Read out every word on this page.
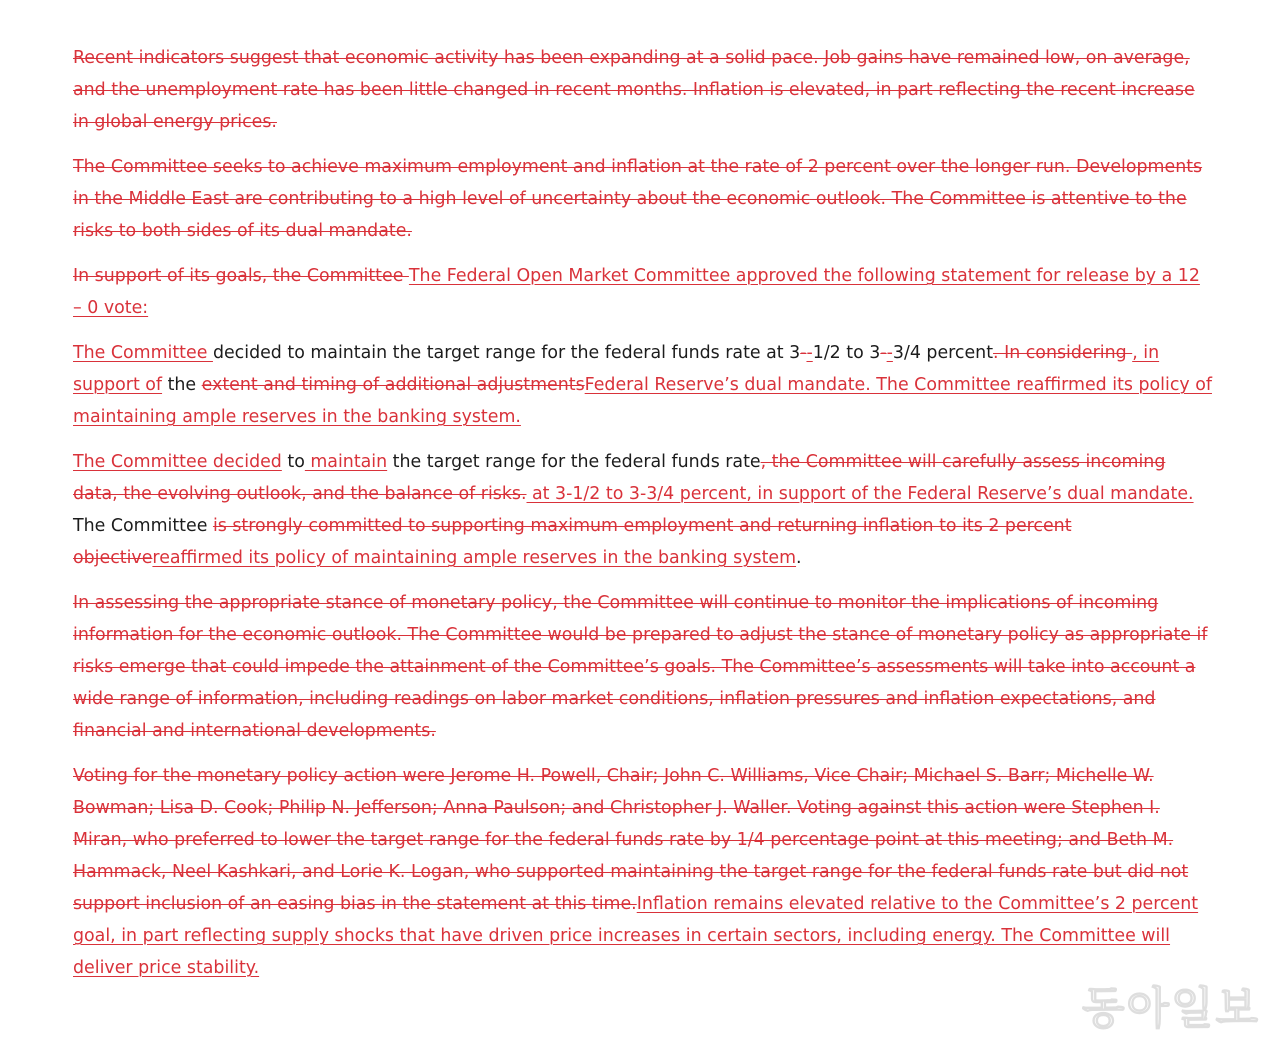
Recent indicators suggest that economic activity has been expanding at a solid pace. Job gains have remained low, on average, and the unemployment rate has been little changed in recent months. Inflation is elevated, in part reflecting the recent increase in global energy prices.

The Committee seeks to achieve maximum employment and inflation at the rate of 2 percent over the longer run. Developments in the Middle East are contributing to a high level of uncertainty about the economic outlook. The Committee is attentive to the risks to both sides of its dual mandate.

In support of its goals, the Committee The Federal Open Market Committee approved the following statement for release by a 12 – 0 vote:

The Committee decided to maintain the target range for the federal funds rate at 3--1/2 to 3--3/4 percent. In considering , in support of the extent and timing of additional adjustmentsFederal Reserve’s dual mandate. The Committee reaffirmed its policy of maintaining ample reserves in the banking system.

The Committee decided to maintain the target range for the federal funds rate, the Committee will carefully assess incoming data, the evolving outlook, and the balance of risks. at 3-1/2 to 3-3/4 percent, in support of the Federal Reserve’s dual mandate. The Committee is strongly committed to supporting maximum employment and returning inflation to its 2 percent objectivereaffirmed its policy of maintaining ample reserves in the banking system.

In assessing the appropriate stance of monetary policy, the Committee will continue to monitor the implications of incoming information for the economic outlook. The Committee would be prepared to adjust the stance of monetary policy as appropriate if risks emerge that could impede the attainment of the Committee’s goals. The Committee’s assessments will take into account a wide range of information, including readings on labor market conditions, inflation pressures and inflation expectations, and financial and international developments.

Voting for the monetary policy action were Jerome H. Powell, Chair; John C. Williams, Vice Chair; Michael S. Barr; Michelle W. Bowman; Lisa D. Cook; Philip N. Jefferson; Anna Paulson; and Christopher J. Waller. Voting against this action were Stephen I. Miran, who preferred to lower the target range for the federal funds rate by 1/4 percentage point at this meeting; and Beth M. Hammack, Neel Kashkari, and Lorie K. Logan, who supported maintaining the target range for the federal funds rate but did not support inclusion of an easing bias in the statement at this time.Inflation remains elevated relative to the Committee’s 2 percent goal, in part reflecting supply shocks that have driven price increases in certain sectors, including energy. The Committee will deliver price stability.

동아일보
